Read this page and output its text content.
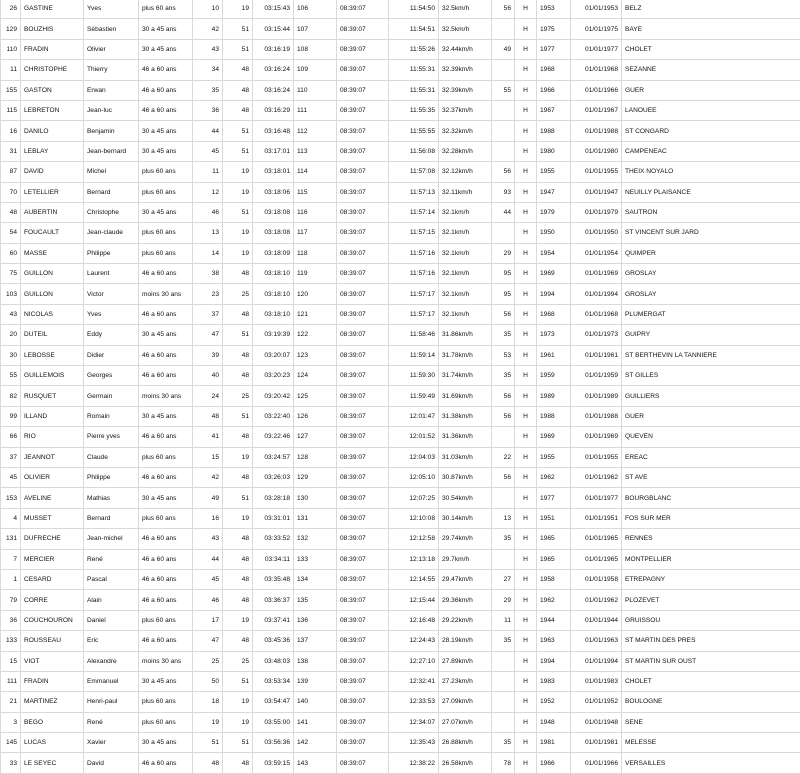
26	GASTINE	Yves	plus 60 ans	10	19	03:15:43	106	08:39:07	11:54:50	32.5km/h	56	H	1953	01/01/1953	BELZ
129	BOUZHIS	Sébastien	30 a 45 ans	42	51	03:15:44	107	08:39:07	11:54:51	32.5km/h		H	1975	01/01/1975	BAYE
110	FRADIN	Olivier	30 a 45 ans	43	51	03:16:19	108	08:39:07	11:55:26	32.44km/h	49	H	1977	01/01/1977	CHOLET
11	CHRISTOPHE	Thierry	46 a 60 ans	34	48	03:16:24	109	08:39:07	11:55:31	32.39km/h		H	1968	01/01/1968	SEZANNE
155	GASTON	Erwan	46 a 60 ans	35	48	03:16:24	110	08:39:07	11:55:31	32.39km/h	55	H	1966	01/01/1966	GUER
115	LEBRETON	Jean-luc	46 a 60 ans	36	48	03:16:29	111	08:39:07	11:55:35	32.37km/h		H	1967	01/01/1967	LANOUEE
16	DANILO	Benjamin	30 a 45 ans	44	51	03:16:48	112	08:39:07	11:55:55	32.32km/h		H	1988	01/01/1988	ST CONGARD
31	LEBLAY	Jean-bernard	30 a 45 ans	45	51	03:17:01	113	08:39:07	11:56:08	32.28km/h		H	1980	01/01/1980	CAMPENEAC
87	DAVID	Michel	plus 60 ans	11	19	03:18:01	114	08:39:07	11:57:08	32.12km/h	56	H	1955	01/01/1955	THEIX NOYALO
70	LETELLIER	Bernard	plus 60 ans	12	19	03:18:06	115	08:39:07	11:57:13	32.11km/h	93	H	1947	01/01/1947	NEUILLY PLAISANCE
48	AUBERTIN	Christophe	30 a 45 ans	46	51	03:18:08	116	08:39:07	11:57:14	32.1km/h	44	H	1979	01/01/1979	SAUTRON
54	FOUCAULT	Jean-claude	plus 60 ans	13	19	03:18:08	117	08:39:07	11:57:15	32.1km/h		H	1950	01/01/1950	ST VINCENT SUR JARD
60	MASSE	Philippe	plus 60 ans	14	19	03:18:09	118	08:39:07	11:57:16	32.1km/h	29	H	1954	01/01/1954	QUIMPER
75	GUILLON	Laurent	46 a 60 ans	38	48	03:18:10	119	08:39:07	11:57:16	32.1km/h	95	H	1969	01/01/1969	GROSLAY
103	GUILLON	Victor	moins 30 ans	23	25	03:18:10	120	08:39:07	11:57:17	32.1km/h	95	H	1994	01/01/1994	GROSLAY
43	NICOLAS	Yves	46 a 60 ans	37	48	03:18:10	121	08:39:07	11:57:17	32.1km/h	56	H	1968	01/01/1968	PLUMERGAT
20	DUTEIL	Eddy	30 a 45 ans	47	51	03:19:39	122	08:39:07	11:58:46	31.86km/h	35	H	1973	01/01/1973	GUIPRY
30	LEBOSSE	Didier	46 a 60 ans	39	48	03:20:07	123	08:39:07	11:59:14	31.78km/h	53	H	1961	01/01/1961	ST BERTHEVIN LA TANNIERE
55	GUILLEMOIS	Georges	46 a 60 ans	40	48	03:20:23	124	08:39:07	11:59:30	31.74km/h	35	H	1959	01/01/1959	ST GILLES
82	RUSQUET	Germain	moins 30 ans	24	25	03:20:42	125	08:39:07	11:59:49	31.69km/h	56	H	1989	01/01/1989	GUILLIERS
99	ILLAND	Romain	30 a 45 ans	48	51	03:22:40	126	08:39:07	12:01:47	31.38km/h	56	H	1988	01/01/1988	GUER
66	RIO	Pierre yves	46 a 60 ans	41	48	03:22:46	127	08:39:07	12:01:52	31.36km/h		H	1969	01/01/1969	QUEVEN
37	JEANNOT	Claude	plus 60 ans	15	19	03:24:57	128	08:39:07	12:04:03	31.03km/h	22	H	1955	01/01/1955	EREAC
45	OLIVIER	Philippe	46 a 60 ans	42	48	03:26:03	129	08:39:07	12:05:10	30.87km/h	56	H	1962	01/01/1962	ST AVE
153	AVELINE	Mathias	30 a 45 ans	49	51	03:28:18	130	08:39:07	12:07:25	30.54km/h		H	1977	01/01/1977	BOURGBLANC
4	MUSSET	Bernard	plus 60 ans	16	19	03:31:01	131	08:39:07	12:10:08	30.14km/h	13	H	1951	01/01/1951	FOS SUR MER
131	DUFRECHE	Jean-michel	46 a 60 ans	43	48	03:33:52	132	08:39:07	12:12:58	29.74km/h	35	H	1965	01/01/1965	RENNES
7	MERCIER	René	46 a 60 ans	44	48	03:34:11	133	08:39:07	12:13:18	29.7km/h		H	1965	01/01/1965	MONTPELLIER
1	CESARD	Pascal	46 a 60 ans	45	48	03:35:48	134	08:39:07	12:14:55	29.47km/h	27	H	1958	01/01/1958	ETREPAGNY
79	CORRE	Alain	46 a 60 ans	46	48	03:36:37	135	08:39:07	12:15:44	29.36km/h	29	H	1962	01/01/1962	PLOZEVET
36	COUCHOURON	Daniel	plus 60 ans	17	19	03:37:41	136	08:39:07	12:16:48	29.22km/h	11	H	1944	01/01/1944	GRUISSOU
133	ROUSSEAU	Eric	46 a 60 ans	47	48	03:45:36	137	08:39:07	12:24:43	28.19km/h	35	H	1963	01/01/1963	ST MARTIN DES PRES
15	VIOT	Alexandre	moins 30 ans	25	25	03:48:03	138	08:39:07	12:27:10	27.89km/h		H	1994	01/01/1994	ST MARTIN SUR OUST
111	FRADIN	Emmanuel	30 a 45 ans	50	51	03:53:34	139	08:39:07	12:32:41	27.23km/h		H	1983	01/01/1983	CHOLET
21	MARTINEZ	Henri-paul	plus 60 ans	18	19	03:54:47	140	08:39:07	12:33:53	27.09km/h		H	1952	01/01/1952	BOULOGNE
3	BEGO	René	plus 60 ans	19	19	03:55:00	141	08:39:07	12:34:07	27.07km/h		H	1948	01/01/1948	SENE
145	LUCAS	Xavier	30 a 45 ans	51	51	03:56:36	142	08:39:07	12:35:43	26.88km/h	35	H	1981	01/01/1981	MELESSE
33	LE SEYEC	David	46 a 60 ans	48	48	03:59:15	143	08:39:07	12:38:22	26.58km/h	78	H	1966	01/01/1966	VERSAILLES
